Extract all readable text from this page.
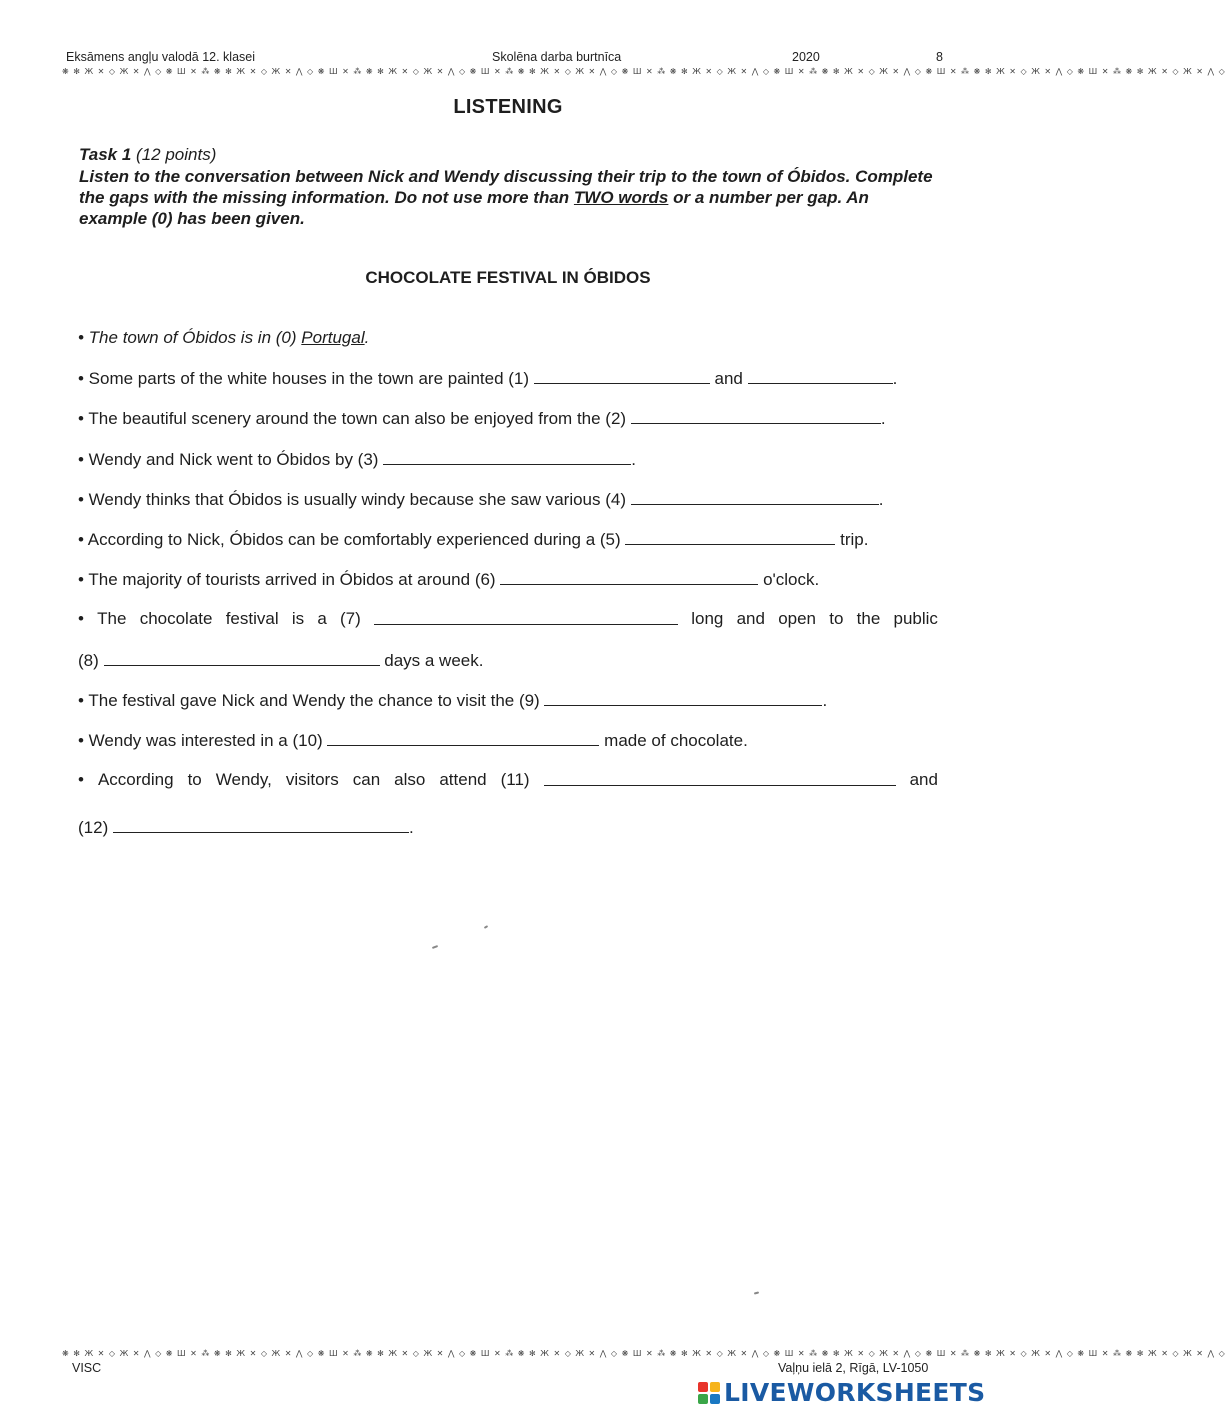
Eksāmens angļu valodā 12. klasei	Skolēna darba burtnīca	2020	8
❋ ✻ Ж ✕ ◇ Ж ✕ ⋀ ◇ ❋ Ш ✕ ⁂ ❋ ✻ Ж ✕ ◇ Ж ✕ ⋀ ◇ ❋ Ш ✕ ⁂ ❋ ✻ Ж ✕ ◇ Ж ✕ ⋀ ◇ ❋ Ш ✕ ⁂ ❋ ✻ Ж ✕ ◇ Ж ✕ ⋀ ◇ ❋ Ш ✕ ⁂ ❋ ✻ Ж ✕ ◇ Ж ✕ ⋀ ◇ ❋ Ш ✕ ⁂ ❋ ✻ Ж ✕ ◇ Ж ✕ ⋀ ◇ ❋ Ш ✕ ⁂ ❋ ✻ Ж ✕ ◇ Ж ✕ ⋀ ◇ ❋ Ш ✕ ⁂ ❋ ✻ Ж ✕ ◇ Ж ✕ ⋀ ◇
LISTENING
Task 1 (12 points)
Listen to the conversation between Nick and Wendy discussing their trip to the town of Óbidos. Complete the gaps with the missing information. Do not use more than TWO words or a number per gap. An example (0) has been given.
CHOCOLATE FESTIVAL IN ÓBIDOS
• The town of Óbidos is in (0) Portugal.
• Some parts of the white houses in the town are painted (1)	and	.
• The beautiful scenery around the town can also be enjoyed from the (2)	.
• Wendy and Nick went to Óbidos by (3)	.
• Wendy thinks that Óbidos is usually windy because she saw various (4)	.
• According to Nick, Óbidos can be comfortably experienced during a (5)	trip.
• The majority of tourists arrived in Óbidos at around (6)	o'clock.
• The chocolate festival is a (7)	long and open to the public
(8)	days a week.
• The festival gave Nick and Wendy the chance to visit the (9)	.
• Wendy was interested in a (10)	made of chocolate.
• According to Wendy, visitors can also attend (11)	and
(12)	.
❋ ✻ Ж ✕ ◇ Ж ✕ ⋀ ◇ ❋ Ш ✕ ⁂ ❋ ✻ Ж ✕ ◇ Ж ✕ ⋀ ◇ ❋ Ш ✕ ⁂ ❋ ✻ Ж ✕ ◇ Ж ✕ ⋀ ◇ ❋ Ш ✕ ⁂ ❋ ✻ Ж ✕ ◇ Ж ✕ ⋀ ◇ ❋ Ш ✕ ⁂ ❋ ✻ Ж ✕ ◇ Ж ✕ ⋀ ◇ ❋ Ш ✕ ⁂ ❋ ✻ Ж ✕ ◇ Ж ✕ ⋀ ◇ ❋ Ш ✕ ⁂ ❋ ✻ Ж ✕ ◇ Ж ✕ ⋀ ◇ ❋ Ш ✕ ⁂ ❋ ✻ Ж ✕ ◇ Ж ✕ ⋀ ◇
VISC	Vaļņu ielā 2, Rīgā, LV-1050
LIVEWORKSHEETS
